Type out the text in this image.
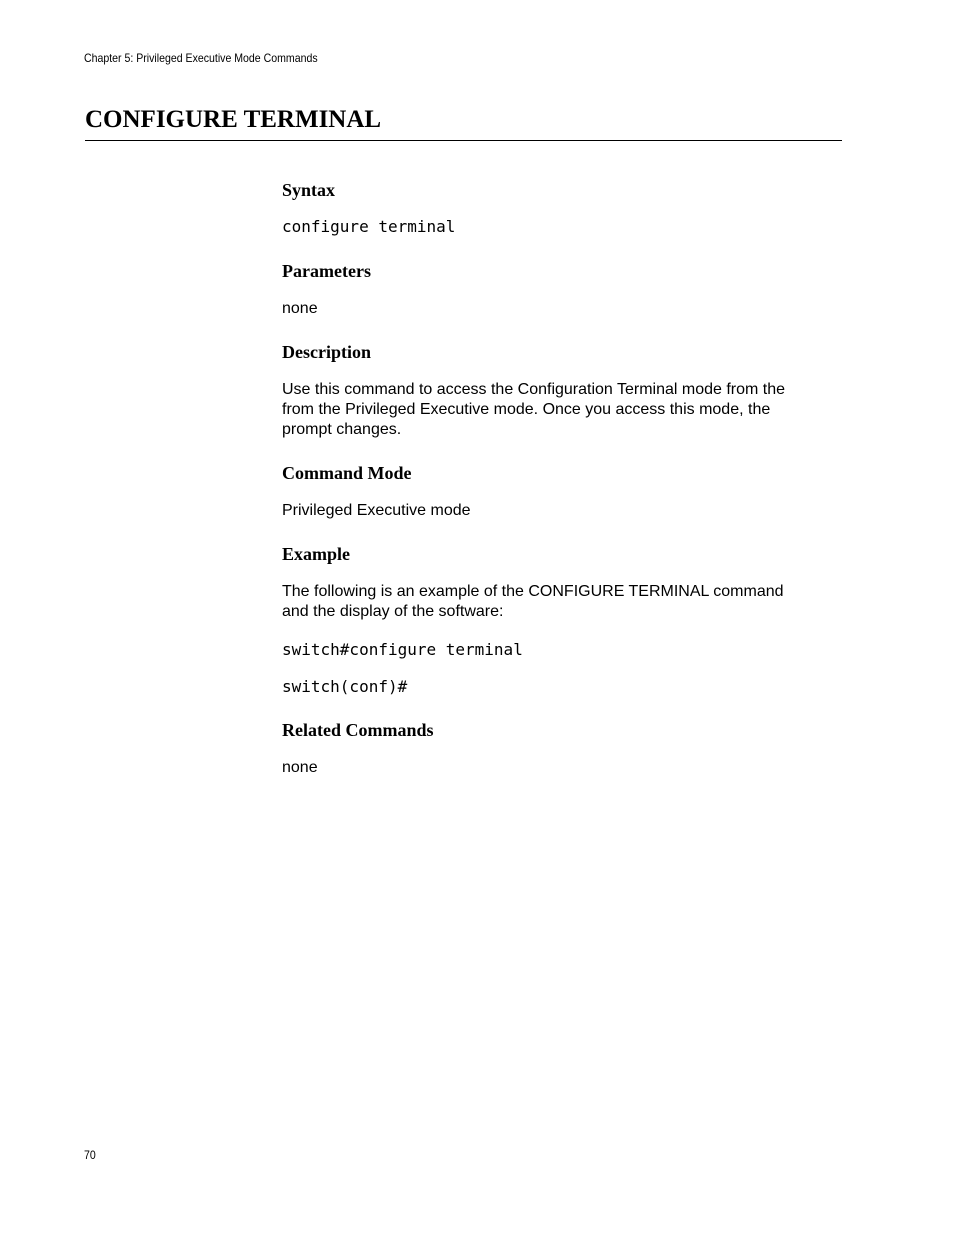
Chapter 5: Privileged Executive Mode Commands
CONFIGURE TERMINAL
Syntax

configure terminal

Parameters

none

Description

Use this command to access the Configuration Terminal mode from the

from the Privileged Executive mode. Once you access this mode, the

prompt changes.

Command Mode

Privileged Executive mode

Example

The following is an example of the CONFIGURE TERMINAL command

and the display of the software:

switch#configure terminal

switch(conf)#

Related Commands

none

70
